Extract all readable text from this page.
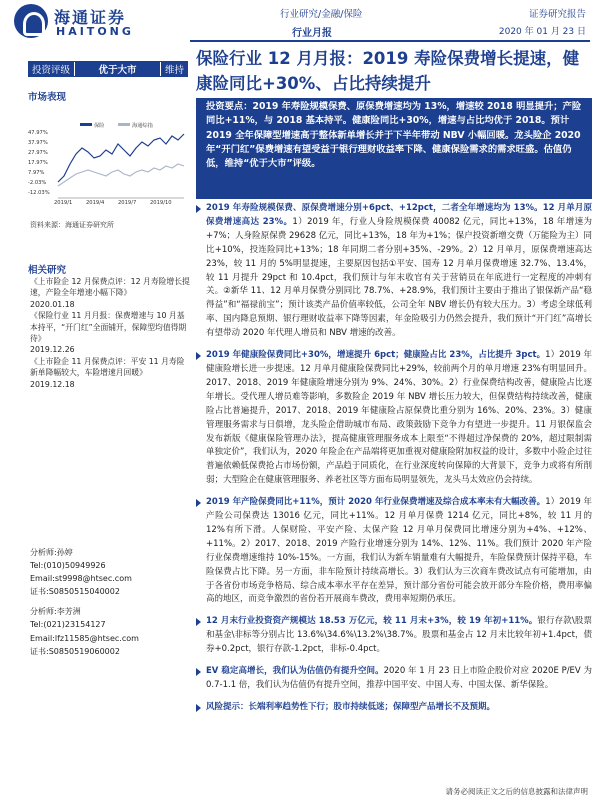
海通证券
HAITONG
行业研究/金融/保险
行业月报
证券研究报告
2020 年 01 月 23 日
投资评级	优于大市	维持
市场表现
保险	海通综指
47.97%
37.97%
27.97%
17.97%
7.97%
-2.03%
-12.03%
2019/1	2019/4	2019/7	2019/10
资料来源：海通证券研究所
相关研究
《上市险企 12 月保费点评：12 月寿险增长提速，产险全年增速小幅下降》
2020.01.18
《保险行业 11 月月报：保费增速与 10 月基本持平，“开门红”全面铺开，保障型均值得期待》
2019.12.26
《上市险企 11 月保费点评：平安 11 月寿险新单降幅较大，车险增速月回暖》
2019.12.18
分析师:孙婷
Tel:(010)50949926
Email:st9998@htsec.com
证书:S0850515040002
分析师:李芳洲
Tel:(021)23154127
Email:lfz11585@htsec.com
证书:S0850519060002
保险行业 12 月月报：2019 寿险保费增长提速，健康险同比+30%、占比持续提升
投资要点：2019 年寿险规模保费、原保费增速均为 13%，增速较 2018 明显提升；产险同比+11%，与 2018 基本持平。健康险同比+30%，增速与占比均优于 2018。预计 2019 全年保障型增速高于整体新单增长并于下半年带动 NBV 小幅回暖。龙头险企 2020 年“开门红”保费增速有望受益于银行理财收益率下降、健康保险需求的需求旺盛。估值仍低，维持“优于大市”评级。
2019 年寿险规模保费、原保费增速分别+6pct、+12pct，二者全年增速均为 13%。12 月单月原保费增速高达 23%。1）2019 年，行业人身险规模保费 40082 亿元，同比+13%，18 年增速为+7%；人身险原保费 29628 亿元，同比+13%，18 年为+1%；保户投资新增交费（万能险为主）同比+10%，投连险同比+13%；18 年同期二者分别+35%、-29%。2）12 月单月，原保费增速高达 23%，较 11 月的 5%明显提速，主要原因包括①平安、国寿 12 月单月保费增速 32.7%、13.4%，较 11 月提升 29pct 和 10.4pct，我们预计与年末收官有关于营销员在年底进行一定程度的冲刺有关。②新华 11、12 月单月保费分别同比 78.7%、+28.9%，我们预计主要由于推出了银保新产品“稳得益”和“福禄前宝”；预计该类产品价值率较低，公司全年 NBV 增长仍有较大压力。3）考虑全球低利率、国内降息预期、银行理财收益率下降等因素，年金险吸引力仍然会提升，我们预计“开门红”高增长有望带动 2020 年代理人增员和 NBV 增速的改善。
2019 年健康险保费同比+30%，增速提升 6pct；健康险占比 23%，占比提升 3pct。1）2019 年健康险增长进一步提速。12 月单月健康险保费同比+29%，较前两个月的单月增速 23%有明显回升。2017、2018、2019 年健康险增速分别为 9%、24%、30%。2）行业保费结构改善，健康险占比逐年增长。受代理人增员难等影响，多数险企 2019 年 NBV 增长压力较大，但保费结构持续改善，健康险占比普遍提升，2017、2018、2019 年健康险占原保费比重分别为 16%、20%、23%。3）健康管理服务需求与日俱增，龙头险企借助城市布局、政策鼓励下竞争力有望进一步提升。11 月银保监会发布新版《健康保险管理办法》，提高健康管理服务成本上限至“不得超过净保费的 20%，超过限制需单独定价”，我们认为，2020 年险企在产品端将更加重视对健康险附加权益的设计，多数中小险企过往普遍依赖低保费抢占市场份额，产品趋于同质化，在行业深度转向保障的大背景下，竞争力或将有所削弱；大型险企在健康管理服务、养老社区等方面布局明显领先，龙头马太效应仍会持续。
2019 年产险保费同比+11%，预计 2020 年行业保费增速及综合成本率未有大幅改善。1）2019 年产险公司保费达 13016 亿元，同比+11%。12 月单月保费 1214 亿元，同比+8%，较 11 月的 12%有所下滑。人保财险、平安产险、太保产险 12 月单月保费同比增速分别为+4%、+12%、+11%。2）2017、2018、2019 产险行业增速分别为 14%、12%、11%。我们预计 2020 年产险行业保费增速维持 10%-15%。一方面，我们认为新车销量难有大幅提升，车险保费预计保持平稳，车险保费占比下降。另一方面，非车险预计持续高增长。3）我们认为三次商车费改试点有可能增加，由于各省份市场竞争格局、综合成本率水平存在差异，预计部分省份可能会放开部分车险价格，费用率偏高的地区，而竞争激烈的省份若开展商车费改，费用率短期仍承压。
12 月末行业投资资产规模达 18.53 万亿元，较 11 月末+3%，较 19 年初+11%。银行存款\股票和基金\非标等分别占比 13.6%\34.6%\13.2%\38.7%。股票和基金占 12 月末比较年初+1.4pct，债券+0.2pct，银行存款-1.2pct，非标-0.4pct。
EV 稳定高增长，我们认为估值仍有提升空间。2020 年 1 月 23 日上市险企股价对应 2020E P/EV 为 0.7-1.1 倍，我们认为估值仍有提升空间，推荐中国平安、中国人寿、中国太保、新华保险。
风险提示：长端利率趋势性下行；股市持续低迷；保障型产品增长不及预期。
请务必阅读正文之后的信息披露和法律声明
